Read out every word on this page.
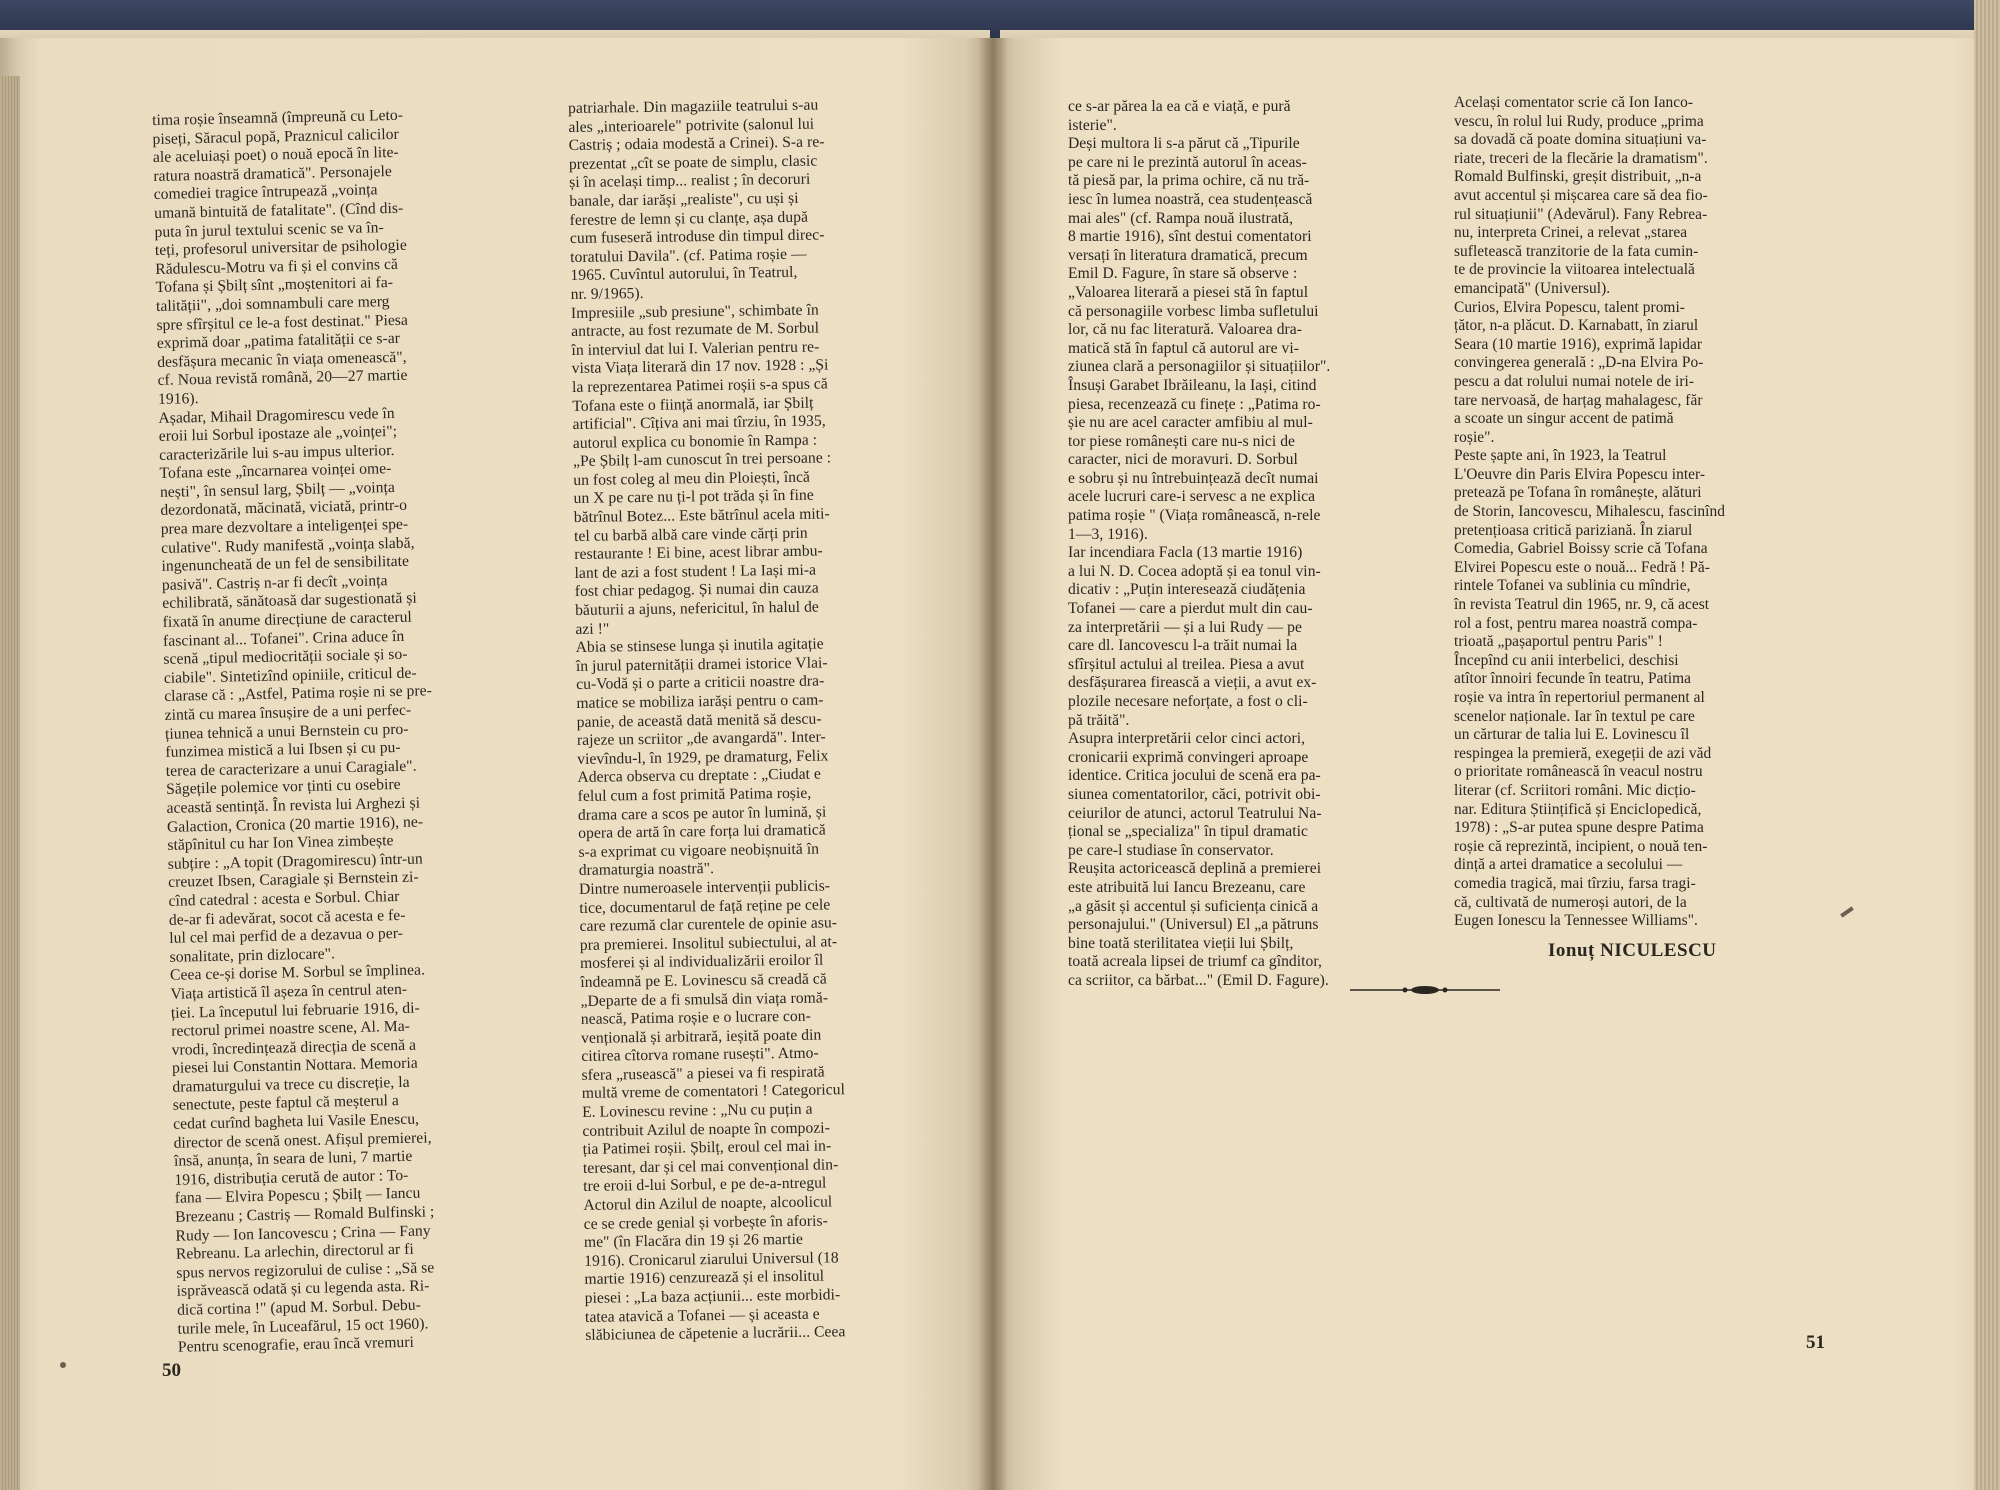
tima roșie înseamnă (împreună cu Leto-
piseți, Săracul popă, Praznicul calicilor
ale aceluiași poet) o nouă epocă în lite-
ratura noastră dramatică". Personajele
comediei tragice întrupează „voința
umană bintuită de fatalitate". (Cînd dis-
puta în jurul textului scenic se va în-
teți, profesorul universitar de psihologie
Rădulescu-Motru va fi și el convins că
Tofana și Șbilț sînt „moștenitori ai fa-
talității", „doi somnambuli care merg
spre sfîrșitul ce le-a fost destinat." Piesa
exprimă doar „patima fatalității ce s-ar
desfășura mecanic în viața omenească",
cf. Noua revistă română, 20—27 martie
1916).
Așadar, Mihail Dragomirescu vede în
eroii lui Sorbul ipostaze ale „voinței";
caracterizările lui s-au impus ulterior.
Tofana este „încarnarea voinței ome-
nești", în sensul larg, Șbilț — „voința
dezordonată, măcinată, viciată, printr-o
prea mare dezvoltare a inteligenței spe-
culative". Rudy manifestă „voința slabă,
ingenuncheată de un fel de sensibilitate
pasivă". Castriș n-ar fi decît „voința
echilibrată, sănătoasă dar sugestionată și
fixată în anume direcțiune de caracterul
fascinant al... Tofanei". Crina aduce în
scenă „tipul mediocrității sociale și so-
ciabile". Sintetizînd opiniile, criticul de-
clarase că : „Astfel, Patima roșie ni se pre-
zintă cu marea însușire de a uni perfec-
țiunea tehnică a unui Bernstein cu pro-
funzimea mistică a lui Ibsen și cu pu-
terea de caracterizare a unui Caragiale".
Săgețile polemice vor ținti cu osebire
această sentință. În revista lui Arghezi și
Galaction, Cronica (20 martie 1916), ne-
stăpînitul cu har Ion Vinea zimbește
subțire : „A topit (Dragomirescu) într-un
creuzet Ibsen, Caragiale și Bernstein zi-
cînd catedral : acesta e Sorbul. Chiar
de-ar fi adevărat, socot că acesta e fe-
lul cel mai perfid de a dezavua o per-
sonalitate, prin dizlocare".
Ceea ce-și dorise M. Sorbul se împlinea.
Viața artistică îl așeza în centrul aten-
ției. La începutul lui februarie 1916, di-
rectorul primei noastre scene, Al. Ma-
vrodi, încredințează direcția de scenă a
piesei lui Constantin Nottara. Memoria
dramaturgului va trece cu discreție, la
senectute, peste faptul că meșterul a
cedat curînd bagheta lui Vasile Enescu,
director de scenă onest. Afișul premierei,
însă, anunța, în seara de luni, 7 martie
1916, distribuția cerută de autor : To-
fana — Elvira Popescu ; Șbilț — Iancu
Brezeanu ; Castriș — Romald Bulfinski ;
Rudy — Ion Iancovescu ; Crina — Fany
Rebreanu. La arlechin, directorul ar fi
spus nervos regizorului de culise : „Să se
isprăvească odată și cu legenda asta. Ri-
dică cortina !" (apud M. Sorbul. Debu-
turile mele, în Luceafărul, 15 oct 1960).
Pentru scenografie, erau încă vremuri
patriarhale. Din magaziile teatrului s-au
ales „interioarele" potrivite (salonul lui
Castriș ; odaia modestă a Crinei). S-a re-
prezentat „cît se poate de simplu, clasic
și în același timp... realist ; în decoruri
banale, dar iarăși „realiste", cu uși și
ferestre de lemn și cu clanțe, așa după
cum fuseseră introduse din timpul direc-
toratului Davila". (cf. Patima roșie —
1965. Cuvîntul autorului, în Teatrul,
nr. 9/1965).
Impresiile „sub presiune", schimbate în
antracte, au fost rezumate de M. Sorbul
în interviul dat lui I. Valerian pentru re-
vista Viața literară din 17 nov. 1928 : „Și
la reprezentarea Patimei roșii s-a spus că
Tofana este o ființă anormală, iar Șbilț
artificial". Cîțiva ani mai tîrziu, în 1935,
autorul explica cu bonomie în Rampa :
„Pe Șbilț l-am cunoscut în trei persoane :
un fost coleg al meu din Ploiești, încă
un X pe care nu ți-l pot trăda și în fine
bătrînul Botez... Este bătrînul acela miti-
tel cu barbă albă care vinde cărți prin
restaurante ! Ei bine, acest librar ambu-
lant de azi a fost student ! La Iași mi-a
fost chiar pedagog. Și numai din cauza
băuturii a ajuns, nefericitul, în halul de
azi !"
Abia se stinsese lunga și inutila agitație
în jurul paternității dramei istorice Vlai-
cu-Vodă și o parte a criticii noastre dra-
matice se mobiliza iarăși pentru o cam-
panie, de această dată menită să descu-
rajeze un scriitor „de avangardă". Inter-
vievîndu-l, în 1929, pe dramaturg, Felix
Aderca observa cu dreptate : „Ciudat e
felul cum a fost primită Patima roșie,
drama care a scos pe autor în lumină, și
opera de artă în care forța lui dramatică
s-a exprimat cu vigoare neobișnuită în
dramaturgia noastră".
Dintre numeroasele intervenții publicis-
tice, documentarul de față reține pe cele
care rezumă clar curentele de opinie asu-
pra premierei. Insolitul subiectului, al at-
mosferei și al individualizării eroilor îl
îndeamnă pe E. Lovinescu să creadă că
„Departe de a fi smulsă din viața romă-
nească, Patima roșie e o lucrare con-
vențională și arbitrară, ieșită poate din
citirea cîtorva romane rusești". Atmo-
sfera „rusească" a piesei va fi respirată
multă vreme de comentatori ! Categoricul
E. Lovinescu revine : „Nu cu puțin a
contribuit Azilul de noapte în compozi-
ția Patimei roșii. Șbilț, eroul cel mai in-
teresant, dar și cel mai convențional din-
tre eroii d-lui Sorbul, e pe de-a-ntregul
Actorul din Azilul de noapte, alcoolicul
ce se crede genial și vorbește în aforis-
me" (în Flacăra din 19 și 26 martie
1916). Cronicarul ziarului Universul (18
martie 1916) cenzurează și el insolitul
piesei : „La baza acțiunii... este morbidi-
tatea atavică a Tofanei — și aceasta e
slăbiciunea de căpetenie a lucrării... Ceea
ce s-ar părea la ea că e viață, e pură
isterie".
Deși multora li s-a părut că „Tipurile
pe care ni le prezintă autorul în aceas-
tă piesă par, la prima ochire, că nu tră-
iesc în lumea noastră, cea studențească
mai ales" (cf. Rampa nouă ilustrată,
8 martie 1916), sînt destui comentatori
versați în literatura dramatică, precum
Emil D. Fagure, în stare să observe :
„Valoarea literară a piesei stă în faptul
că personagiile vorbesc limba sufletului
lor, că nu fac literatură. Valoarea dra-
matică stă în faptul că autorul are vi-
ziunea clară a personagiilor și situațiilor".
Însuși Garabet Ibrăileanu, la Iași, citind
piesa, recenzează cu finețe : „Patima ro-
șie nu are acel caracter amfibiu al mul-
tor piese românești care nu-s nici de
caracter, nici de moravuri. D. Sorbul
e sobru și nu întrebuințează decît numai
acele lucruri care-i servesc a ne explica
patima roșie " (Viața românească, n-rele
1—3, 1916).
Iar incendiara Facla (13 martie 1916)
a lui N. D. Cocea adoptă și ea tonul vin-
dicativ : „Puțin interesează ciudățenia
Tofanei — care a pierdut mult din cau-
za interpretării — și a lui Rudy — pe
care dl. Iancovescu l-a trăit numai la
sfîrșitul actului al treilea. Piesa a avut
desfășurarea firească a vieții, a avut ex-
plozile necesare neforțate, a fost o cli-
pă trăită".
Asupra interpretării celor cinci actori,
cronicarii exprimă convingeri aproape
identice. Critica jocului de scenă era pa-
siunea comentatorilor, căci, potrivit obi-
ceiurilor de atunci, actorul Teatrului Na-
țional se „specializa" în tipul dramatic
pe care-l studiase în conservator.
Reușita actoricească deplină a premierei
este atribuită lui Iancu Brezeanu, care
„a găsit și accentul și suficiența cinică a
personajului." (Universul) El „a pătruns
bine toată sterilitatea vieții lui Șbilț,
toată acreala lipsei de triumf ca gînditor,
ca scriitor, ca bărbat..." (Emil D. Fagure).
Același comentator scrie că Ion Iancо-
vescu, în rolul lui Rudy, produce „prima
sa dovadă că poate domina situațiuni va-
riate, treceri de la flecărie la dramatism".
Romald Bulfinski, greșit distribuit, „n-a
avut accentul și mișcarea care să dea fio-
rul situațiunii" (Adevărul). Fany Rebrea-
nu, interpreta Crinei, a relevat „starea
sufletească tranzitorie de la fata cumin-
te de provincie la viitoarea intelectuală
emancipată" (Universul).
Curios, Elvira Popescu, talent promi-
țător, n-a plăcut. D. Karnabatt, în ziarul
Seara (10 martie 1916), exprimă lapidar
convingerea generală : „D-na Elvira Po-
pescu a dat rolului numai notele de iri-
tare nervoasă, de harțag mahalagesc, făr
a scoate un singur accent de patimă
roșie".
Peste șapte ani, în 1923, la Teatrul
L'Oeuvre din Paris Elvira Popescu inter-
pretează pe Tofana în românește, alături
de Storin, Iancovescu, Mihalescu, fascinînd
pretențioasa critică pariziană. În ziarul
Comedia, Gabriel Boissy scrie că Tofana
Elvirei Popescu este o nouă... Fedră ! Pă-
rintele Tofanei va sublinia cu mîndrie,
în revista Teatrul din 1965, nr. 9, că acest
rol a fost, pentru marea noastră compa-
trioată „pașaportul pentru Paris" !
Începînd cu anii interbelici, deschisi
atîtor înnoiri fecunde în teatru, Patima
roșie va intra în repertoriul permanent al
scenelor naționale. Iar în textul pe care
un cărturar de talia lui E. Lovinescu îl
respingea la premieră, exegeții de azi văd
o prioritate românească în veacul nostru
literar (cf. Scriitori români. Mic dicțio-
nar. Editura Științifică și Enciclopedică,
1978) : „S-ar putea spune despre Patima
roșie că reprezintă, incipient, o nouă ten-
dință a artei dramatice a secolului —
comedia tragică, mai tîrziu, farsa tragi-
că, cultivată de numeroși autori, de la
Eugen Ionescu la Tennessee Williams".
Ionuț NICULESCU
50
51
